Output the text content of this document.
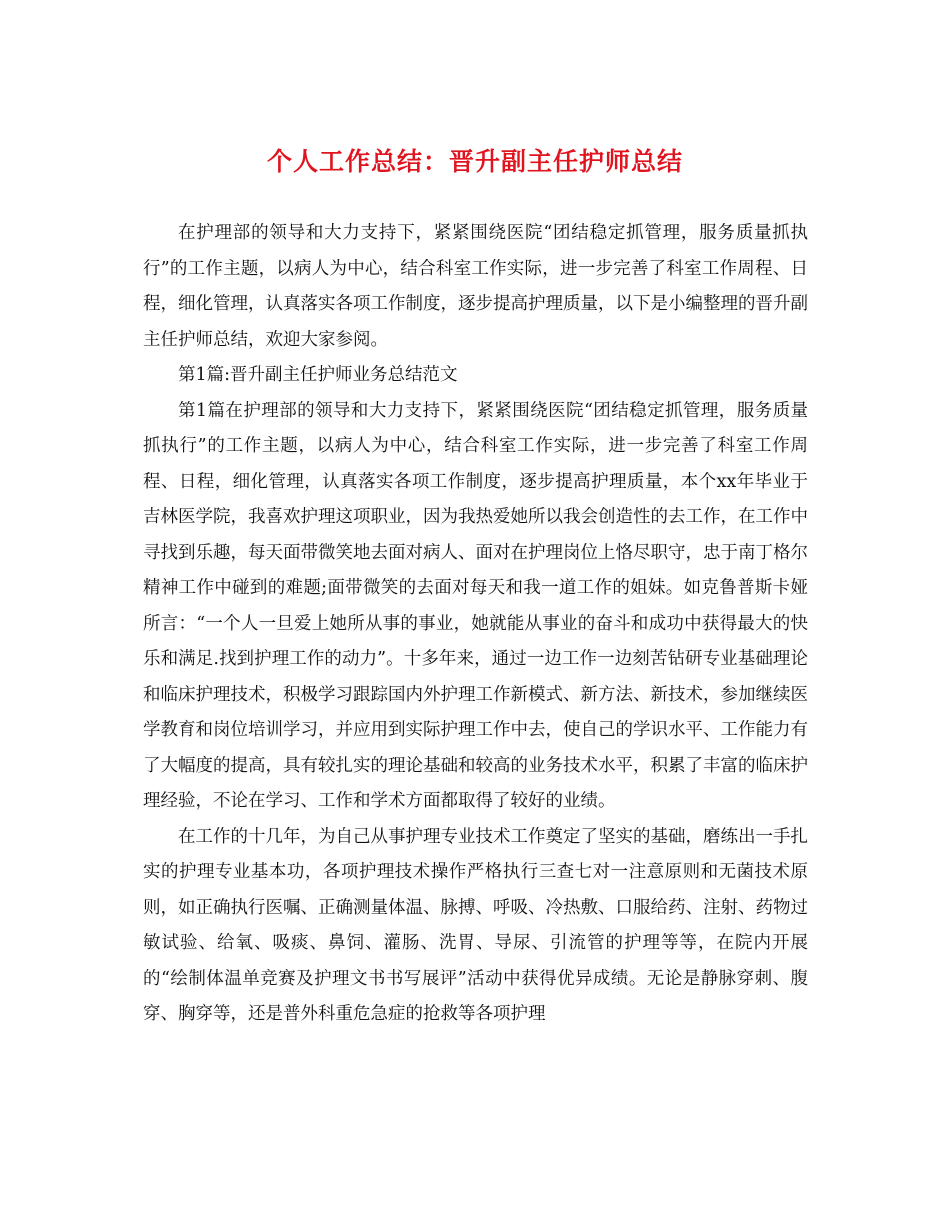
个人工作总结：晋升副主任护师总结

在护理部的领导和大力支持下，紧紧围绕医院“团结稳定抓管理，服务质量抓执行”的工作主题，以病人为中心，结合科室工作实际，进一步完善了科室工作周程、日程，细化管理，认真落实各项工作制度，逐步提高护理质量，以下是小编整理的晋升副主任护师总结，欢迎大家参阅。

第1篇:晋升副主任护师业务总结范文

第1篇在护理部的领导和大力支持下，紧紧围绕医院“团结稳定抓管理，服务质量抓执行”的工作主题，以病人为中心，结合科室工作实际，进一步完善了科室工作周程、日程，细化管理，认真落实各项工作制度，逐步提高护理质量，本个xx年毕业于吉林医学院，我喜欢护理这项职业，因为我热爱她所以我会创造性的去工作，在工作中寻找到乐趣，每天面带微笑地去面对病人、面对在护理岗位上恪尽职守，忠于南丁格尔精神工作中碰到的难题;面带微笑的去面对每天和我一道工作的姐妹。如克鲁普斯卡娅所言：“一个人一旦爱上她所从事的事业，她就能从事业的奋斗和成功中获得最大的快乐和满足.找到护理工作的动力”。十多年来，通过一边工作一边刻苦钻研专业基础理论和临床护理技术，积极学习跟踪国内外护理工作新模式、新方法、新技术，参加继续医学教育和岗位培训学习，并应用到实际护理工作中去，使自己的学识水平、工作能力有了大幅度的提高，具有较扎实的理论基础和较高的业务技术水平，积累了丰富的临床护理经验，不论在学习、工作和学术方面都取得了较好的业绩。

在工作的十几年，为自己从事护理专业技术工作奠定了坚实的基础，磨练出一手扎实的护理专业基本功，各项护理技术操作严格执行三查七对一注意原则和无菌技术原则，如正确执行医嘱、正确测量体温、脉搏、呼吸、冷热敷、口服给药、注射、药物过敏试验、给氧、吸痰、鼻饲、灌肠、洗胃、导尿、引流管的护理等等，在院内开展的“绘制体温单竞赛及护理文书书写展评”活动中获得优异成绩。无论是静脉穿刺、腹穿、胸穿等，还是普外科重危急症的抢救等各项护理
